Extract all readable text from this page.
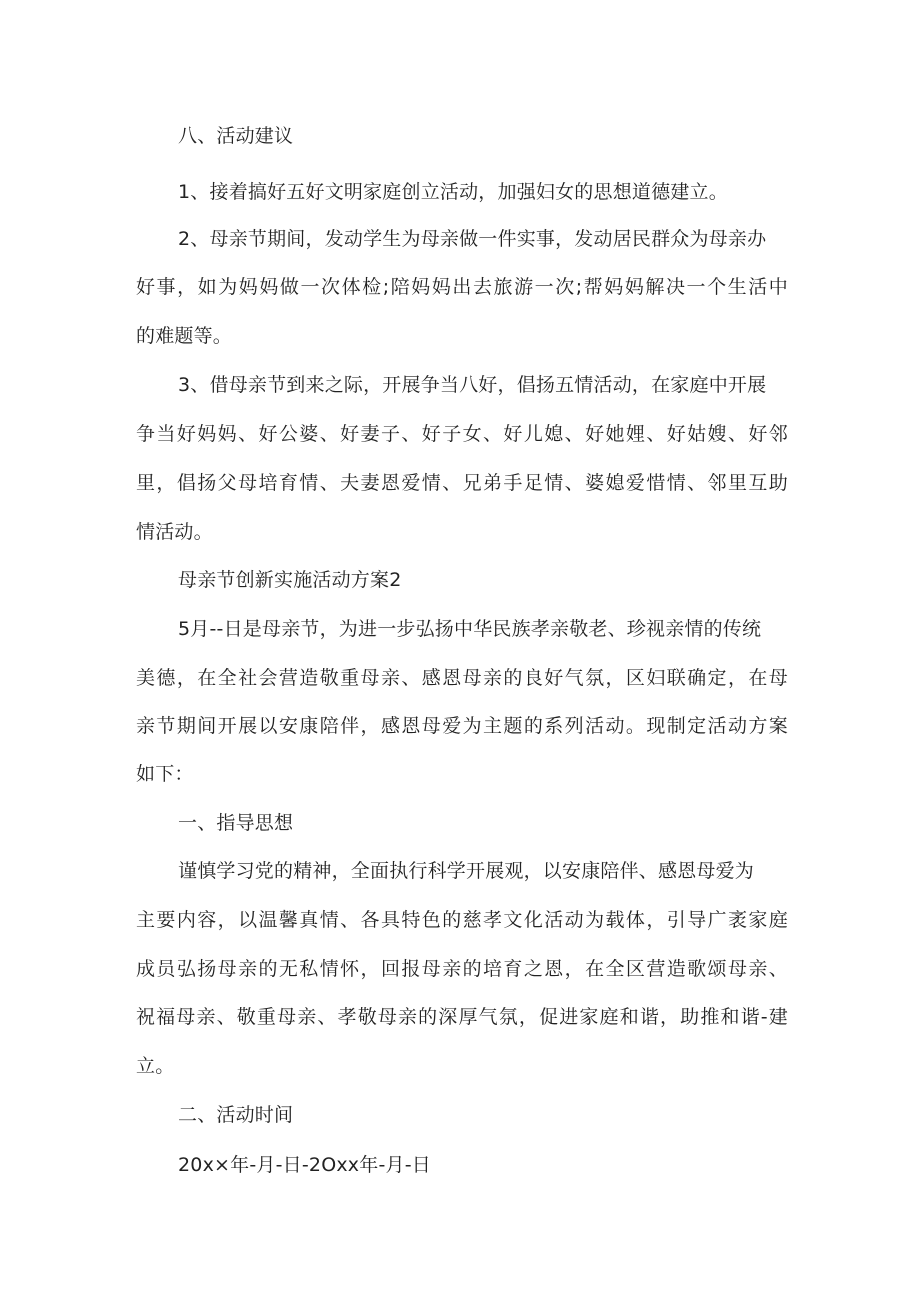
八、活动建议
1、接着搞好五好文明家庭创立活动，加强妇女的思想道德建立。
2、母亲节期间，发动学生为母亲做一件实事，发动居民群众为母亲办
好事，如为妈妈做一次体检;陪妈妈出去旅游一次;帮妈妈解决一个生活中
的难题等。
3、借母亲节到来之际，开展争当八好，倡扬五情活动，在家庭中开展
争当好妈妈、好公婆、好妻子、好子女、好儿媳、好她娌、好姑嫂、好邻
里，倡扬父母培育情、夫妻恩爱情、兄弟手足情、婆媳爱惜情、邻里互助
情活动。
母亲节创新实施活动方案2
5月--日是母亲节，为进一步弘扬中华民族孝亲敬老、珍视亲情的传统
美德，在全社会营造敬重母亲、感恩母亲的良好气氛，区妇联确定，在母
亲节期间开展以安康陪伴，感恩母爱为主题的系列活动。现制定活动方案
如下：
一、指导思想
谨慎学习党的精神，全面执行科学开展观，以安康陪伴、感恩母爱为
主要内容，以温馨真情、各具特色的慈孝文化活动为载体，引导广袤家庭
成员弘扬母亲的无私情怀，回报母亲的培育之恩，在全区营造歌颂母亲、
祝福母亲、敬重母亲、孝敬母亲的深厚气氛，促进家庭和谐，助推和谐-建
立。
二、活动时间
20x×年-月-日-2Oxx年-月-日
